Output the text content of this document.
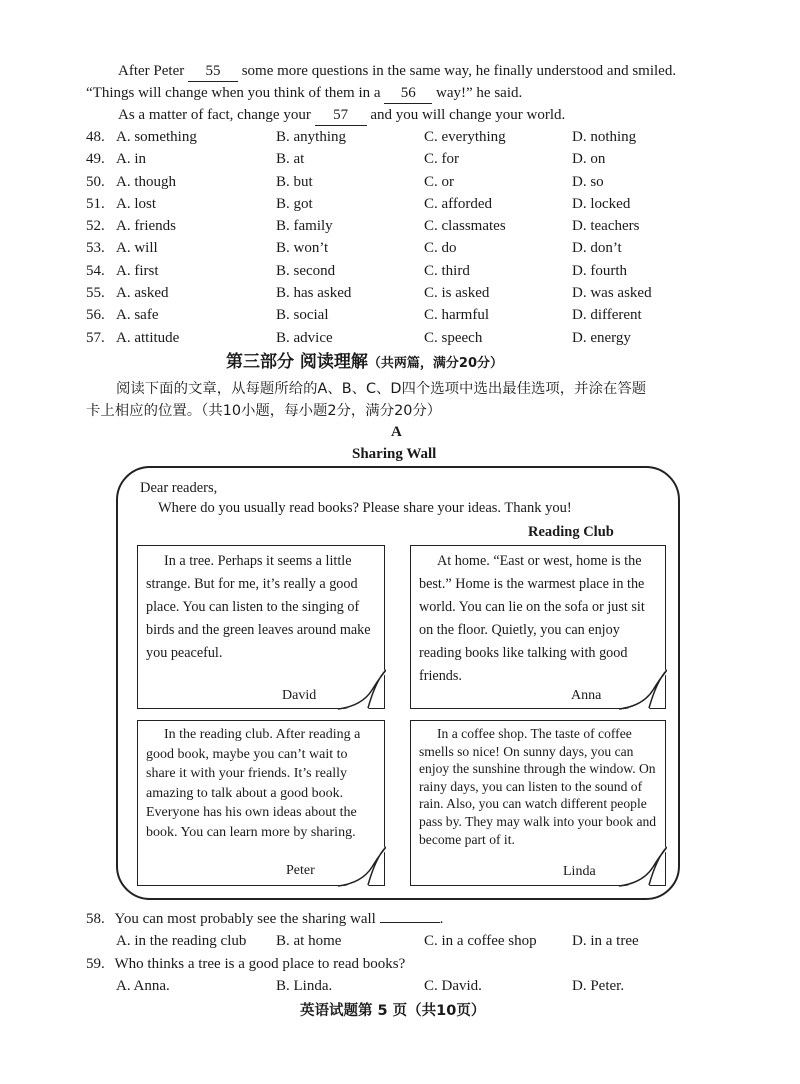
After Peter 55 some more questions in the same way, he finally understood and smiled.
“Things will change when you think of them in a 56 way!” he said.
As a matter of fact, change your 57 and you will change your world.
48. A. something	B. anything	C. everything	D. nothing
49. A. in	B. at	C. for	D. on
50. A. though	B. but	C. or	D. so
51. A. lost	B. got	C. afforded	D. locked
52. A. friends	B. family	C. classmates	D. teachers
53. A. will	B. won’t	C. do	D. don’t
54. A. first	B. second	C. third	D. fourth
55. A. asked	B. has asked	C. is asked	D. was asked
56. A. safe	B. social	C. harmful	D. different
57. A. attitude	B. advice	C. speech	D. energy
第三部分 阅读理解（共两篇，满分20分）
阅读下面的文章，从每题所给的A、B、C、D四个选项中选出最佳选项，并涂在答题
卡上相应的位置。（共10小题，每小题2分，满分20分）
A
Sharing Wall
Dear readers,
Where do you usually read books? Please share your ideas. Thank you!
Reading Club
In a tree. Perhaps it seems a little strange. But for me, it’s really a good place. You can listen to the singing of birds and the green leaves around make you peaceful.
David
At home. “East or west, home is the best.” Home is the warmest place in the world. You can lie on the sofa or just sit on the floor. Quietly, you can enjoy reading books like talking with good friends.
Anna
In the reading club. After reading a good book, maybe you can’t wait to share it with your friends. It’s really amazing to talk about a good book. Everyone has his own ideas about the book. You can learn more by sharing.
Peter
In a coffee shop. The taste of coffee smells so nice! On sunny days, you can enjoy the sunshine through the window. On rainy days, you can listen to the sound of rain. Also, you can watch different people pass by. They may walk into your book and become part of it.
Linda
58. You can most probably see the sharing wall	.
A. in the reading club B. at home	C. in a coffee shop D. in a tree
59. Who thinks a tree is a good place to read books?
A. Anna.	B. Linda.	C. David.	D. Peter.
英语试题第 5 页（共10页）
